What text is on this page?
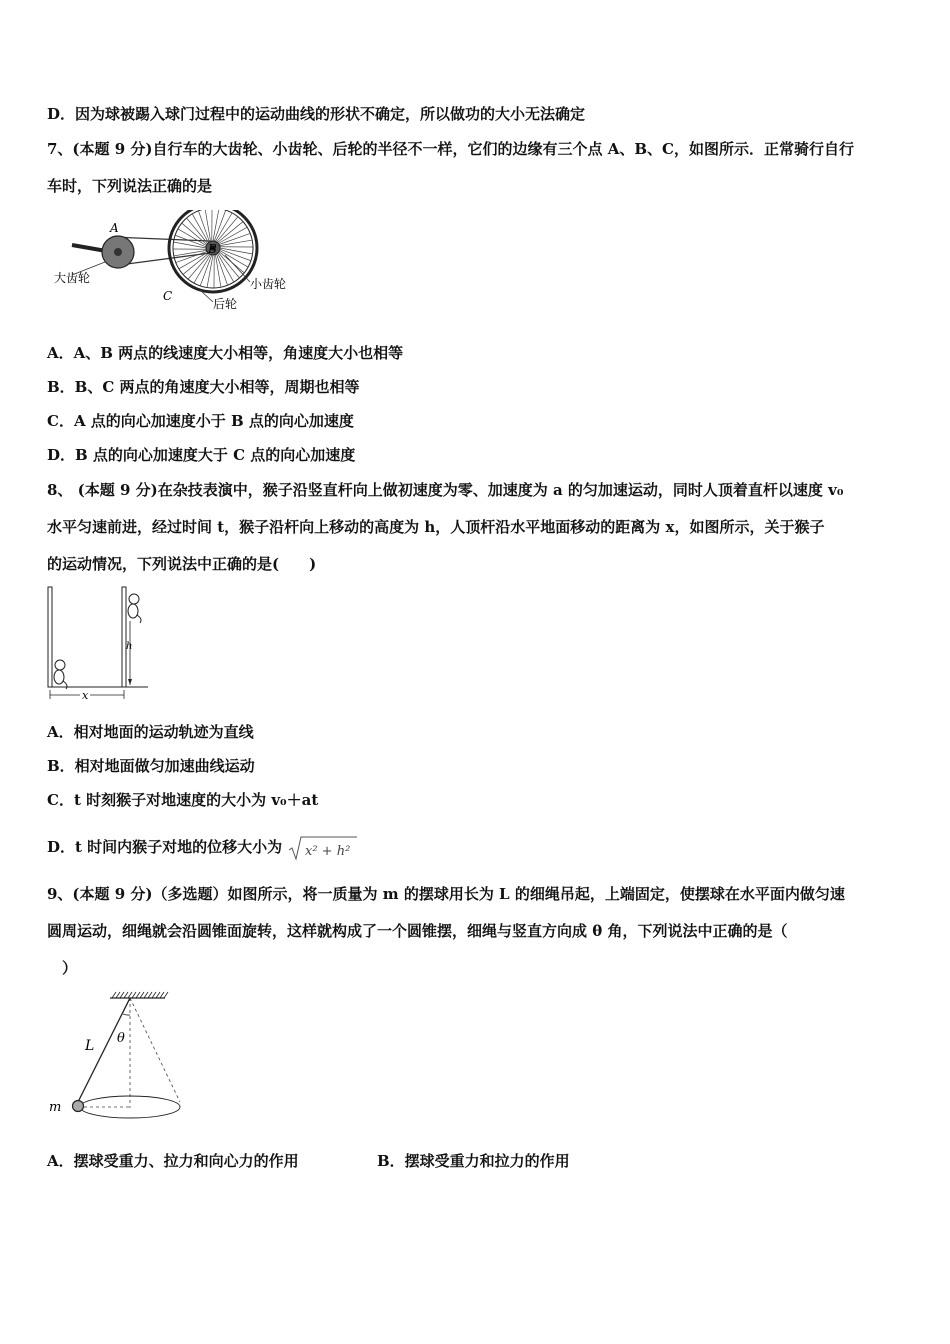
D．因为球被踢入球门过程中的运动曲线的形状不确定，所以做功的大小无法确定
7、(本题 9 分)自行车的大齿轮、小齿轮、后轮的半径不一样，它们的边缘有三个点 A、B、C，如图所示．正常骑行自行
车时，下列说法正确的是
A
B
C
大齿轮	小齿轮
后轮
A．A、B 两点的线速度大小相等，角速度大小也相等
B．B、C 两点的角速度大小相等，周期也相等
C．A 点的向心加速度小于 B 点的向心加速度
D．B 点的向心加速度大于 C 点的向心加速度
8、 (本题 9 分)在杂技表演中，猴子沿竖直杆向上做初速度为零、加速度为 a 的匀加速运动，同时人顶着直杆以速度 v₀
水平匀速前进，经过时间 t，猴子沿杆向上移动的高度为 h，人顶杆沿水平地面移动的距离为 x，如图所示，关于猴子
的运动情况，下列说法中正确的是(　　)
h
x
A．相对地面的运动轨迹为直线
B．相对地面做匀加速曲线运动
C．t 时刻猴子对地速度的大小为 v₀＋at
D．t 时间内猴子对地的位移大小为 x² + h²
9、(本题 9 分)（多选题）如图所示，将一质量为 m 的摆球用长为 L 的细绳吊起，上端固定，使摆球在水平面内做匀速
圆周运动，细绳就会沿圆锥面旋转，这样就构成了一个圆锥摆，细绳与竖直方向成 θ 角，下列说法中正确的是（
）
θ
L
m
A．摆球受重力、拉力和向心力的作用	B．摆球受重力和拉力的作用
